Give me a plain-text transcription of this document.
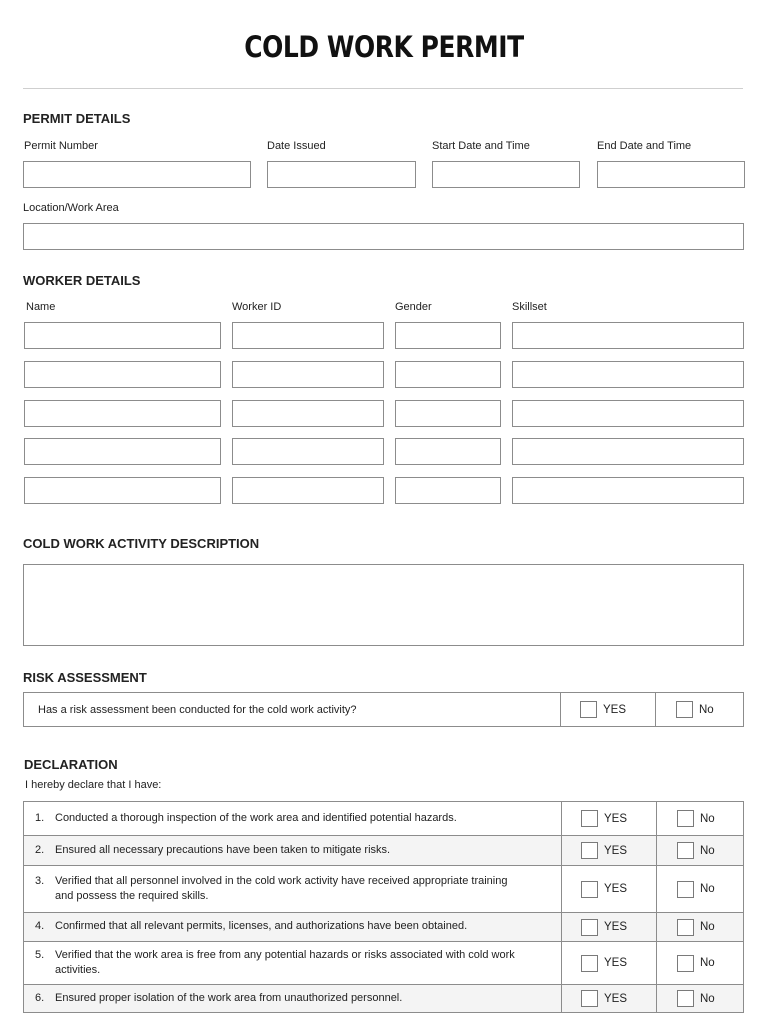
COLD WORK PERMIT
PERMIT DETAILS
Permit Number	Date Issued	Start Date and Time	End Date and Time
Location/Work Area
WORKER DETAILS
Name	Worker ID	Gender	Skillset
COLD WORK ACTIVITY DESCRIPTION
RISK ASSESSMENT
Has a risk assessment been conducted for the cold work activity?	YES	No
DECLARATION
I hereby declare that I have:
1. Conducted a thorough inspection of the work area and identified potential hazards.	YES	No

2. Ensured all necessary precautions have been taken to mitigate risks.	YES	No

3. Verified that all personnel involved in the cold work activity have received appropriate training and possess the required skills.	YES	No

4. Confirmed that all relevant permits, licenses, and authorizations have been obtained.	YES	No

5. Verified that the work area is free from any potential hazards or risks associated with cold work activities.	YES	No

6. Ensured proper isolation of the work area from unauthorized personnel.	YES	No
